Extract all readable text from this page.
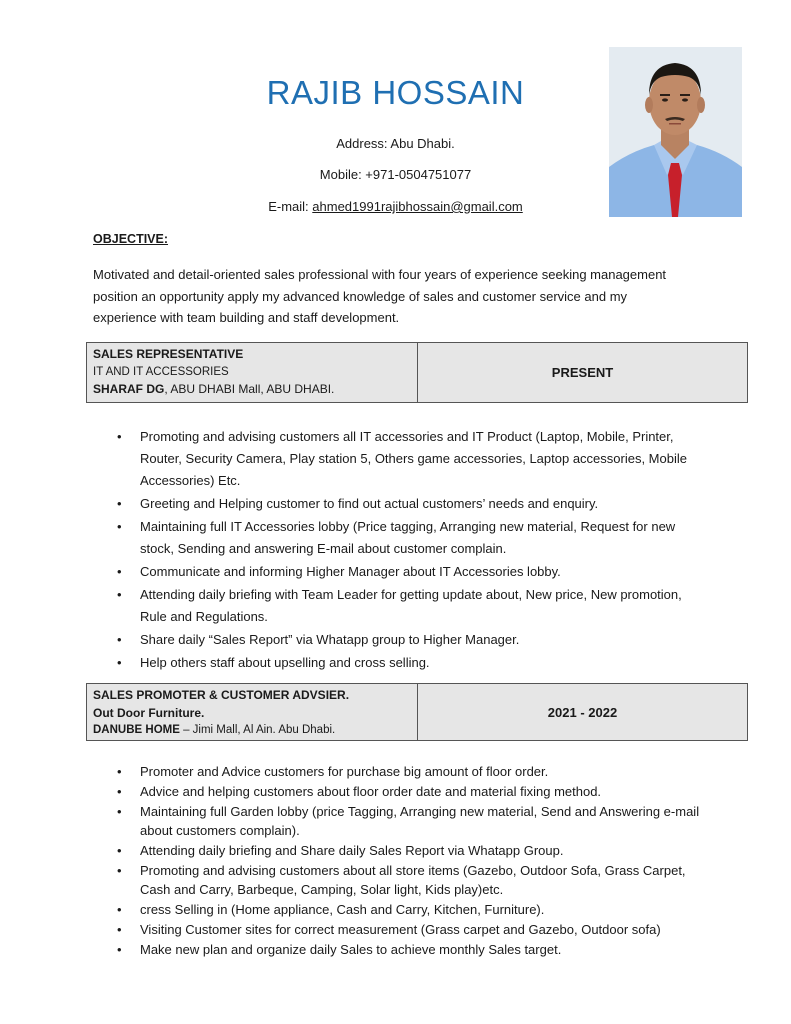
RAJIB HOSSAIN
Address: Abu Dhabi.
Mobile: +971-0504751077
E-mail: ahmed1991rajibhossain@gmail.com
OBJECTIVE:

Motivated and detail-oriented sales professional with four years of experience seeking management position an opportunity apply my advanced knowledge of sales and customer service and my experience with team building and staff development.

SALES REPRESENTATIVE
IT AND IT ACCESSORIES
SHARAF DG, ABU DHABI Mall, ABU DHABI.
PRESENT
• Promoting and advising customers all IT accessories and IT Product (Laptop, Mobile, Printer, Router, Security Camera, Play station 5, Others game accessories, Laptop accessories, Mobile Accessories) Etc.
• Greeting and Helping customer to find out actual customers’ needs and enquiry.
• Maintaining full IT Accessories lobby (Price tagging, Arranging new material, Request for new stock, Sending and answering E-mail about customer complain.
• Communicate and informing Higher Manager about IT Accessories lobby.
• Attending daily briefing with Team Leader for getting update about, New price, New promotion, Rule and Regulations.
• Share daily “Sales Report” via Whatapp group to Higher Manager.
• Help others staff about upselling and cross selling.
SALES PROMOTER & CUSTOMER ADVSIER.
Out Door Furniture.
DANUBE HOME – Jimi Mall, Al Ain. Abu Dhabi.
2021 - 2022
• Promoter and Advice customers for purchase big amount of floor order.
• Advice and helping customers about floor order date and material fixing method.
• Maintaining full Garden lobby (price Tagging, Arranging new material, Send and Answering e-mail about customers complain).
• Attending daily briefing and Share daily Sales Report via Whatapp Group.
• Promoting and advising customers about all store items (Gazebo, Outdoor Sofa, Grass Carpet, Cash and Carry, Barbeque, Camping, Solar light, Kids play)etc.
• cress Selling in (Home appliance, Cash and Carry, Kitchen, Furniture).
• Visiting Customer sites for correct measurement (Grass carpet and Gazebo, Outdoor sofa)
• Make new plan and organize daily Sales to achieve monthly Sales target.
